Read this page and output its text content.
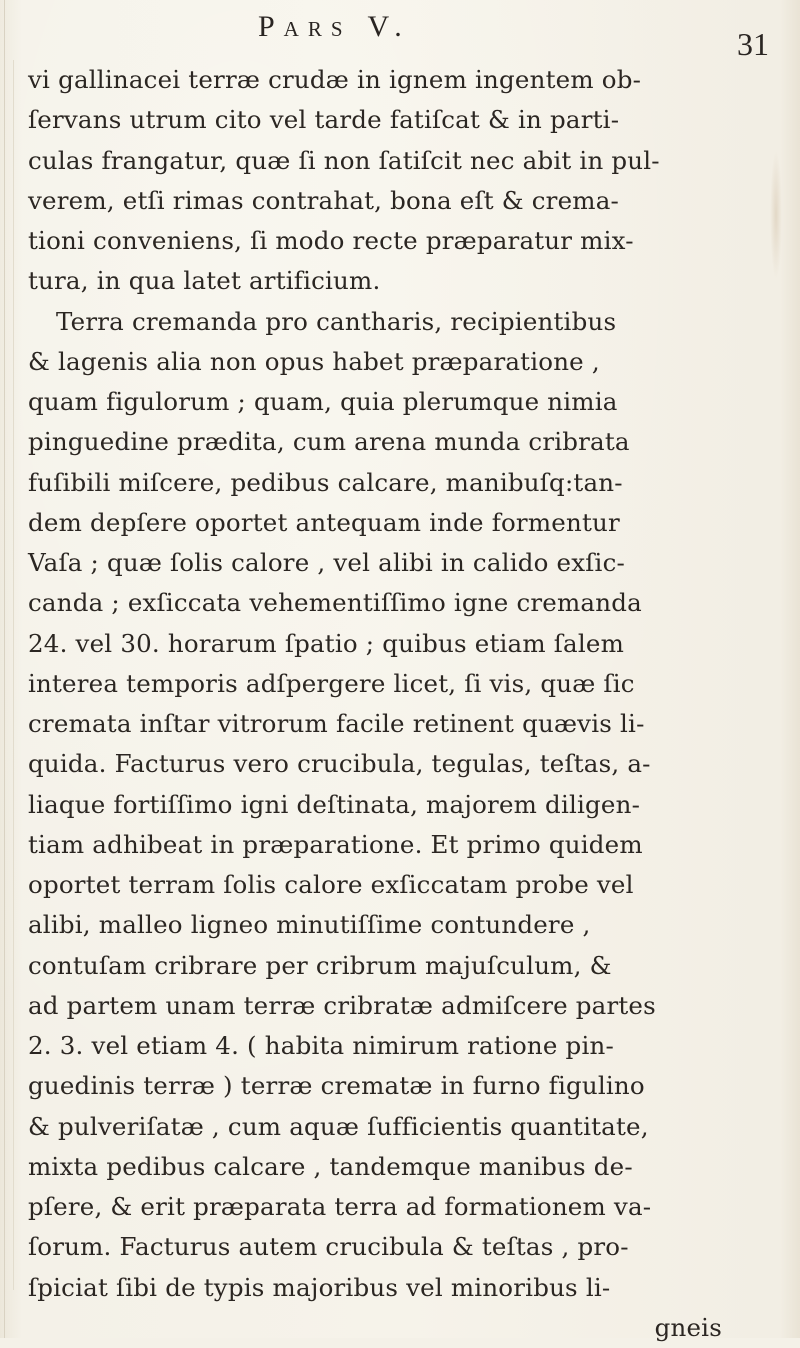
Pars V.	31
vi gallinacei terræ crudæ in ignem ingentem ob-
ſervans utrum cito vel tarde fatiſcat & in parti-
culas frangatur, quæ ſi non ſatiſcit nec abit in pul-
verem, etſi rimas contrahat, bona eſt & crema-
tioni conveniens, ſi modo recte præparatur mix-
tura, in qua latet artificium.
Terra cremanda pro cantharis, recipientibus
& lagenis alia non opus habet præparatione ,
quam figulorum ; quam, quia plerumque nimia
pinguedine prædita, cum arena munda cribrata
fuſibili miſcere, pedibus calcare, manibuſq:tan-
dem depſere oportet antequam inde formentur
Vaſa ; quæ ſolis calore , vel alibi in calido exſic-
canda ; exſiccata vehementiſſimo igne cremanda
24. vel 30. horarum ſpatio ; quibus etiam ſalem
interea temporis adſpergere licet, ſi vis, quæ ſic
cremata inſtar vitrorum facile retinent quævis li-
quida. Facturus vero crucibula, tegulas, teſtas, a-
liaque fortiſſimo igni deſtinata, majorem diligen-
tiam adhibeat in præparatione. Et primo quidem
oportet terram ſolis calore exſiccatam probe vel
alibi, malleo ligneo minutiſſime contundere ,
contuſam cribrare per cribrum majuſculum, &
ad partem unam terræ cribratæ admiſcere partes
2. 3. vel etiam 4. ( habita nimirum ratione pin-
guedinis terræ ) terræ crematæ in furno figulino
& pulveriſatæ , cum aquæ ſufficientis quantitate,
mixta pedibus calcare , tandemque manibus de-
pſere, & erit præparata terra ad formationem va-
ſorum. Facturus autem crucibula & teſtas , pro-
ſpiciat ſibi de typis majoribus vel minoribus li-
gneis
